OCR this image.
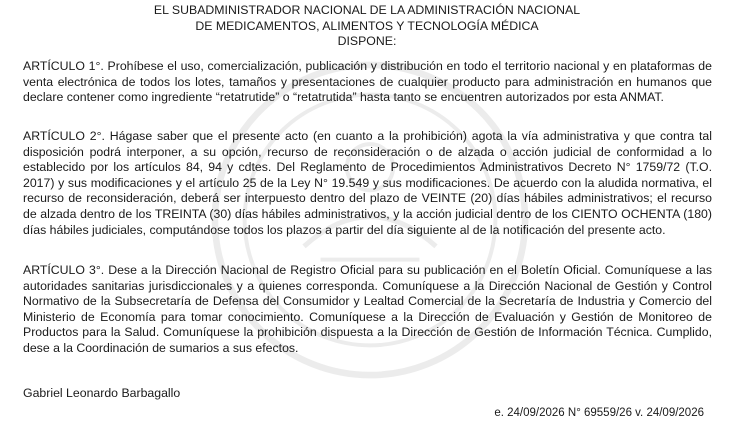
EL SUBADMINISTRADOR NACIONAL DE LA ADMINISTRACIÓN NACIONAL
DE MEDICAMENTOS, ALIMENTOS Y TECNOLOGÍA MÉDICA
DISPONE:
ARTÍCULO 1°. Prohíbese el uso, comercialización, publicación y distribución en todo el territorio nacional y en plataformas de venta electrónica de todos los lotes, tamaños y presentaciones de cualquier producto para administración en humanos que declare contener como ingrediente “retatrutide” o “retatrutida” hasta tanto se encuentren autorizados por esta ANMAT.
ARTÍCULO 2°. Hágase saber que el presente acto (en cuanto a la prohibición) agota la vía administrativa y que contra tal disposición podrá interponer, a su opción, recurso de reconsideración o de alzada o acción judicial de conformidad a lo establecido por los artículos 84, 94 y cdtes. Del Reglamento de Procedimientos Administrativos Decreto N° 1759/72 (T.O. 2017) y sus modificaciones y el artículo 25 de la Ley N° 19.549 y sus modificaciones. De acuerdo con la aludida normativa, el recurso de reconsideración, deberá ser interpuesto dentro del plazo de VEINTE (20) días hábiles administrativos; el recurso de alzada dentro de los TREINTA (30) días hábiles administrativos, y la acción judicial dentro de los CIENTO OCHENTA (180) días hábiles judiciales, computándose todos los plazos a partir del día siguiente al de la notificación del presente acto.
ARTÍCULO 3°. Dese a la Dirección Nacional de Registro Oficial para su publicación en el Boletín Oficial. Comuníquese a las autoridades sanitarias jurisdiccionales y a quienes corresponda. Comuníquese a la Dirección Nacional de Gestión y Control Normativo de la Subsecretaría de Defensa del Consumidor y Lealtad Comercial de la Secretaría de Industria y Comercio del Ministerio de Economía para tomar conocimiento. Comuníquese a la Dirección de Evaluación y Gestión de Monitoreo de Productos para la Salud. Comuníquese la prohibición dispuesta a la Dirección de Gestión de Información Técnica. Cumplido, dese a la Coordinación de sumarios a sus efectos.
Gabriel Leonardo Barbagallo
e. 24/09/2026 N° 69559/26 v. 24/09/2026
